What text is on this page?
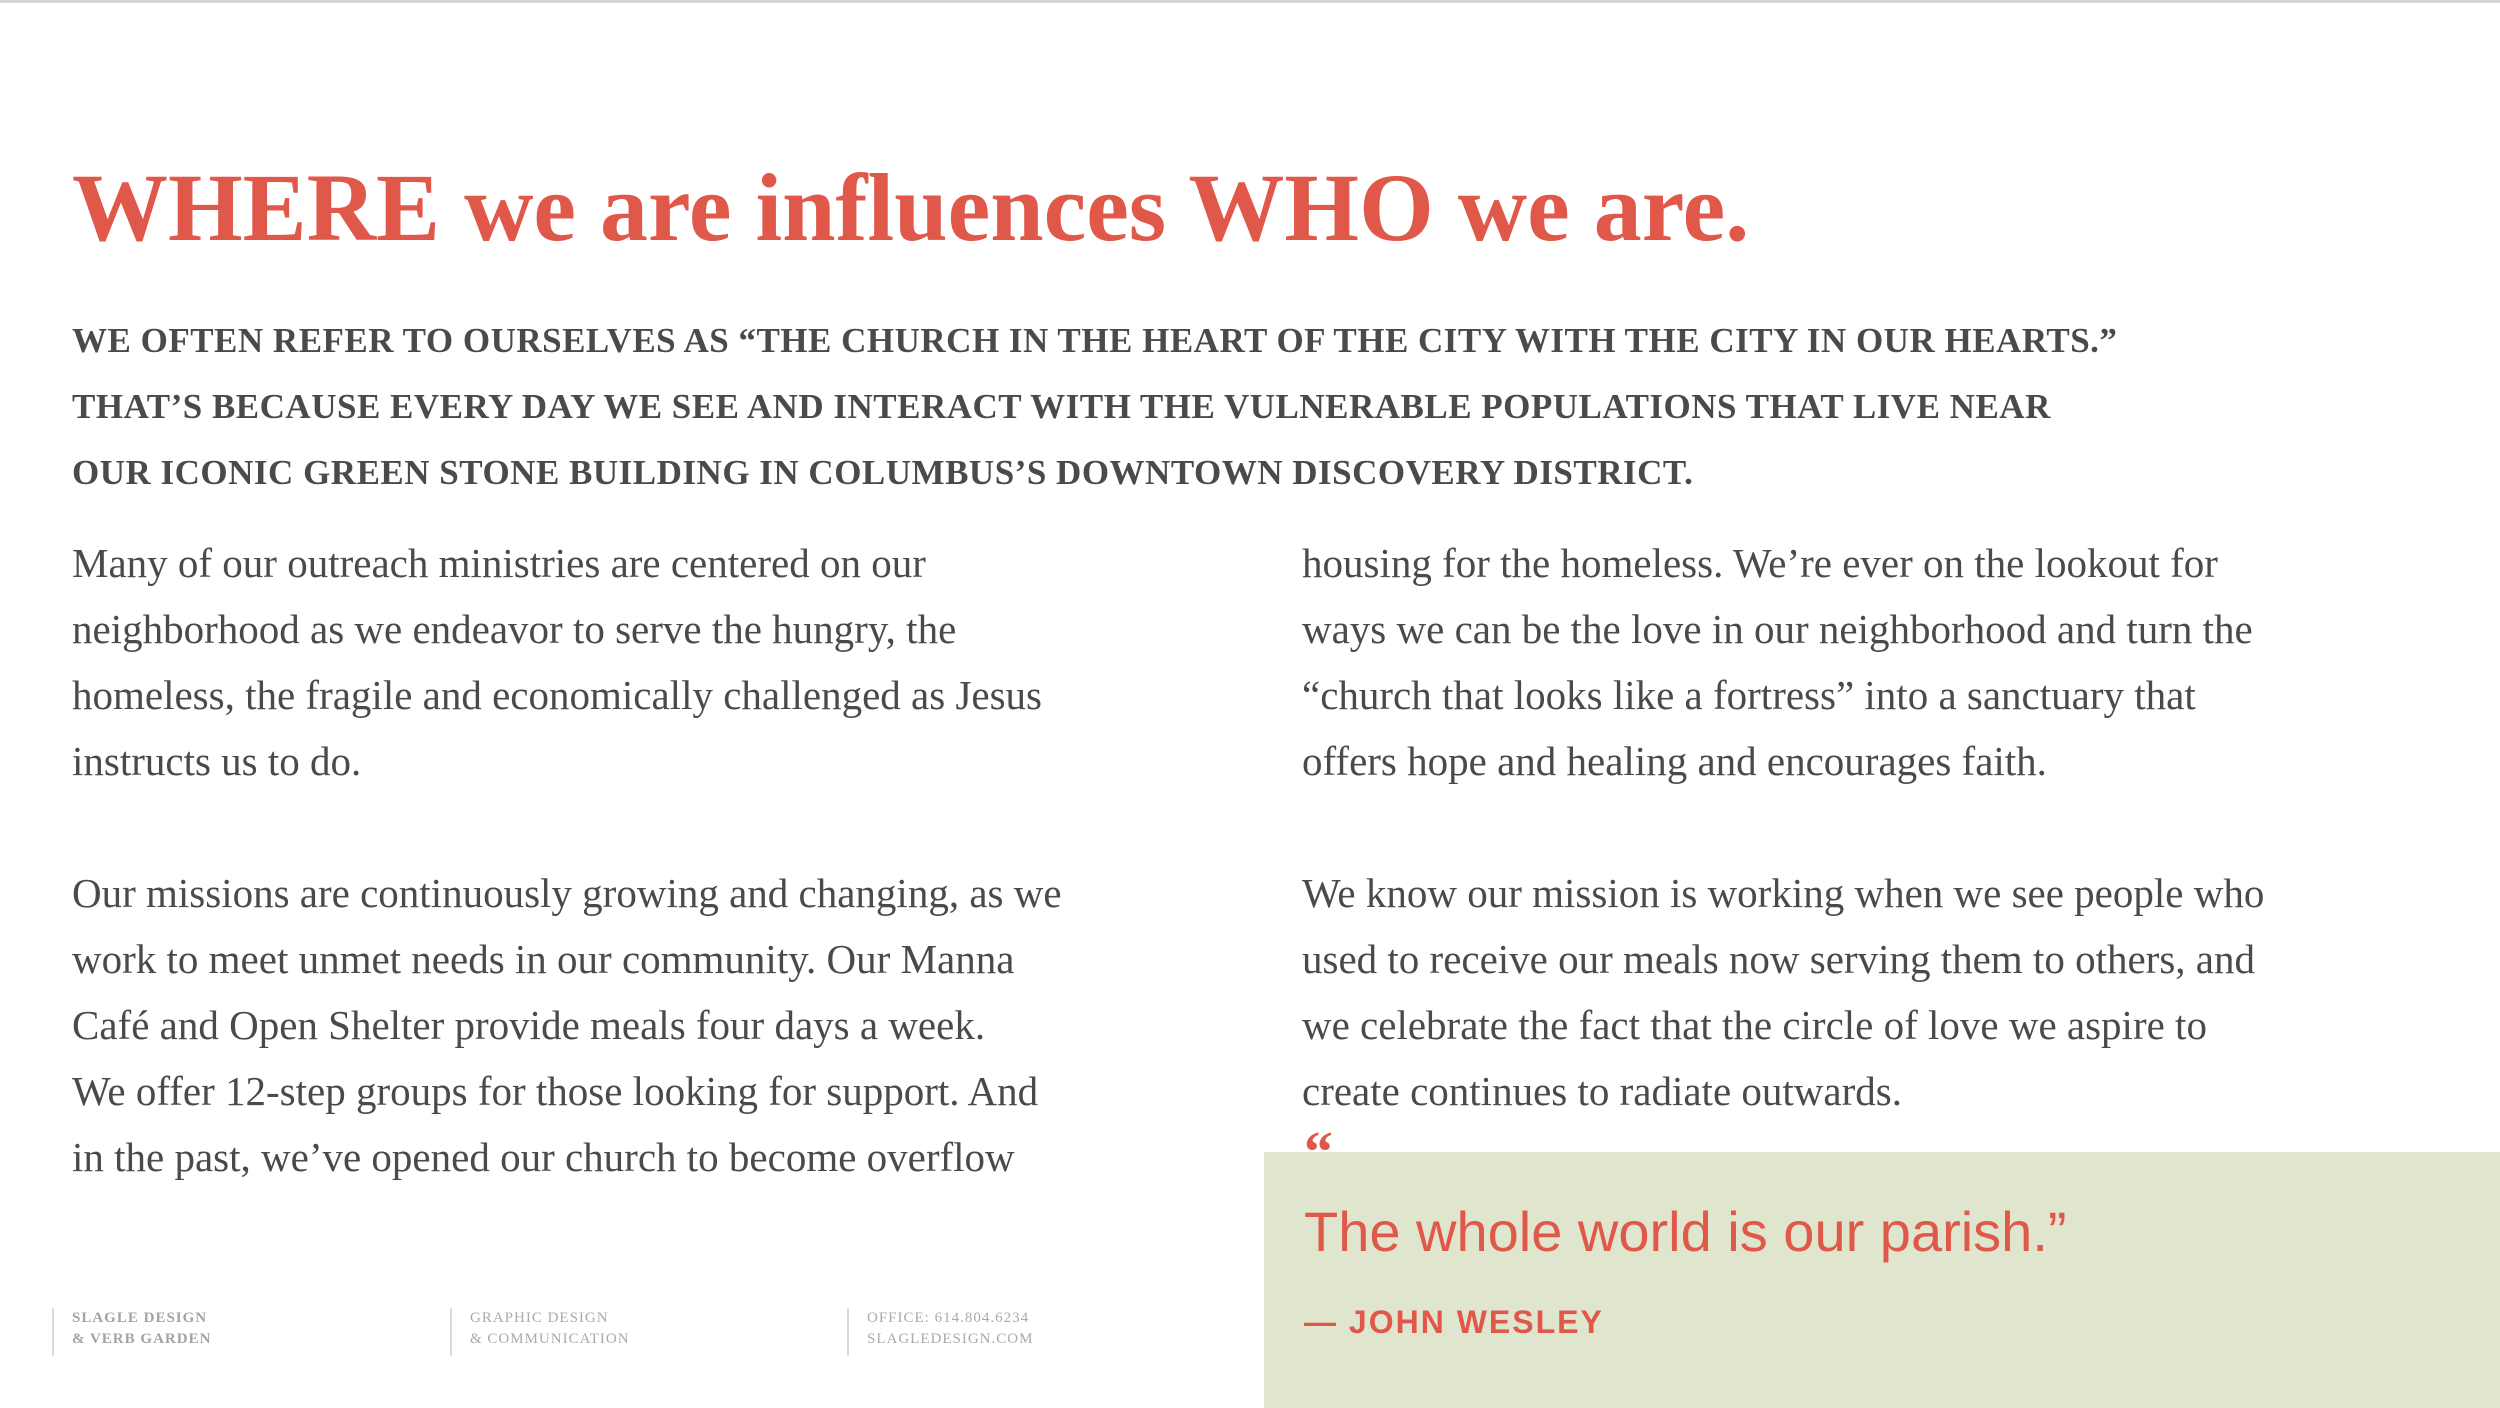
WHERE we are influences WHO we are.
WE OFTEN REFER TO OURSELVES AS “THE CHURCH IN THE HEART OF THE CITY WITH THE CITY IN OUR HEARTS.”
THAT’S BECAUSE EVERY DAY WE SEE AND INTERACT WITH THE VULNERABLE POPULATIONS THAT LIVE NEAR
OUR ICONIC GREEN STONE BUILDING IN COLUMBUS’S DOWNTOWN DISCOVERY DISTRICT.

Many of our outreach ministries are centered on our
neighborhood as we endeavor to serve the hungry, the
homeless, the fragile and economically challenged as Jesus
instructs us to do.

Our missions are continuously growing and changing, as we
work to meet unmet needs in our community. Our Manna
Café and Open Shelter provide meals four days a week.
We offer 12-step groups for those looking for support. And
in the past, we’ve opened our church to become overflow

housing for the homeless. We’re ever on the lookout for
ways we can be the love in our neighborhood and turn the
“church that looks like a fortress” into a sanctuary that
offers hope and healing and encourages faith.

We know our mission is working when we see people who
used to receive our meals now serving them to others, and
we celebrate the fact that the circle of love we aspire to
create continues to radiate outwards.

“
The whole world is our parish.”
— JOHN WESLEY
SLAGLE DESIGN
& VERB GARDEN
GRAPHIC DESIGN
& COMMUNICATION
OFFICE: 614.804.6234
SLAGLEDESIGN.COM
